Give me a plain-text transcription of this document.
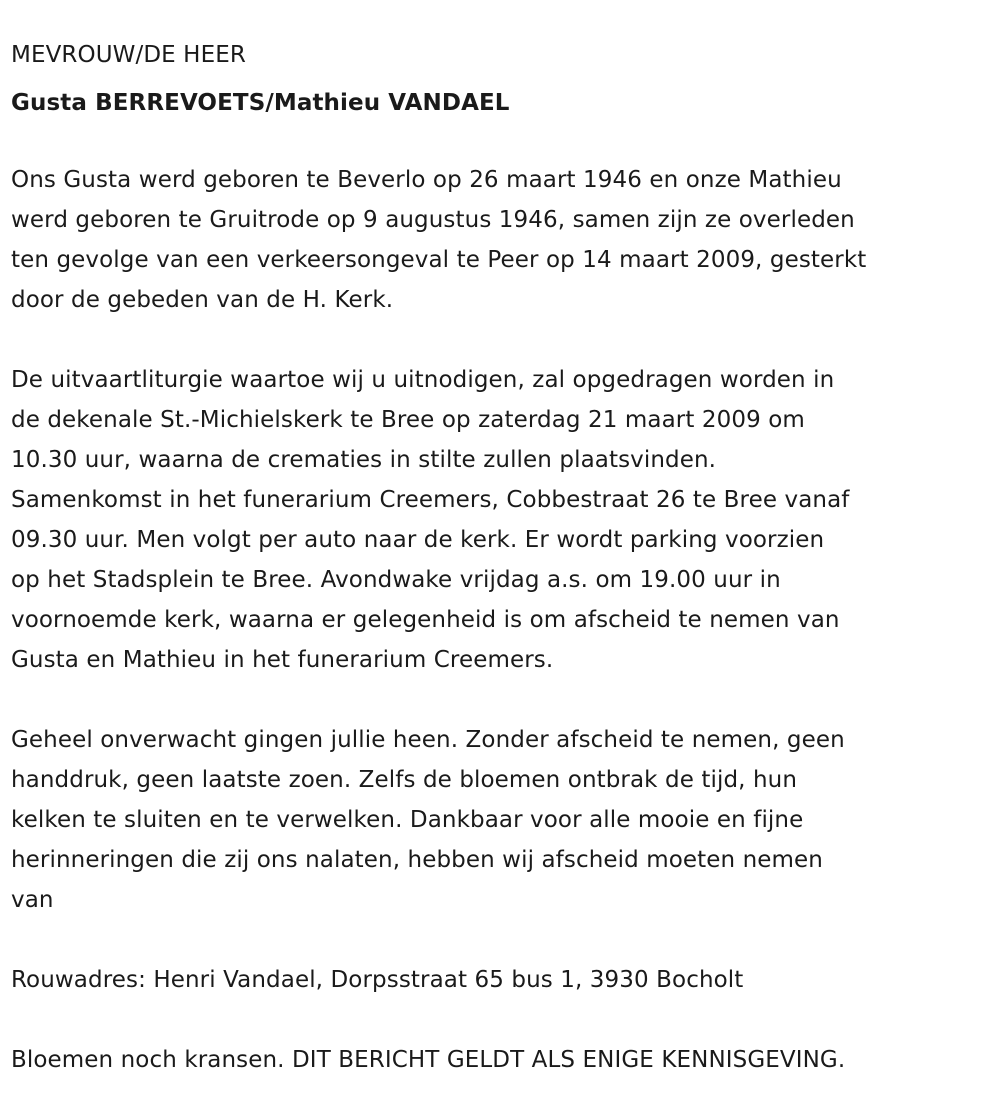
MEVROUW/DE HEER
Gusta BERREVOETS/Mathieu VANDAEL
Ons Gusta werd geboren te Beverlo op 26 maart 1946 en onze Mathieu
werd geboren te Gruitrode op 9 augustus 1946, samen zijn ze overleden
ten gevolge van een verkeersongeval te Peer op 14 maart 2009, gesterkt
door de gebeden van de H. Kerk.
De uitvaartliturgie waartoe wij u uitnodigen, zal opgedragen worden in
de dekenale St.-Michielskerk te Bree op zaterdag 21 maart 2009 om
10.30 uur, waarna de crematies in stilte zullen plaatsvinden.
Samenkomst in het funerarium Creemers, Cobbestraat 26 te Bree vanaf
09.30 uur. Men volgt per auto naar de kerk. Er wordt parking voorzien
op het Stadsplein te Bree. Avondwake vrijdag a.s. om 19.00 uur in
voornoemde kerk, waarna er gelegenheid is om afscheid te nemen van
Gusta en Mathieu in het funerarium Creemers.
Geheel onverwacht gingen jullie heen. Zonder afscheid te nemen, geen
handdruk, geen laatste zoen. Zelfs de bloemen ontbrak de tijd, hun
kelken te sluiten en te verwelken. Dankbaar voor alle mooie en fijne
herinneringen die zij ons nalaten, hebben wij afscheid moeten nemen
van
Rouwadres: Henri Vandael, Dorpsstraat 65 bus 1, 3930 Bocholt
Bloemen noch kransen. DIT BERICHT GELDT ALS ENIGE KENNISGEVING.
